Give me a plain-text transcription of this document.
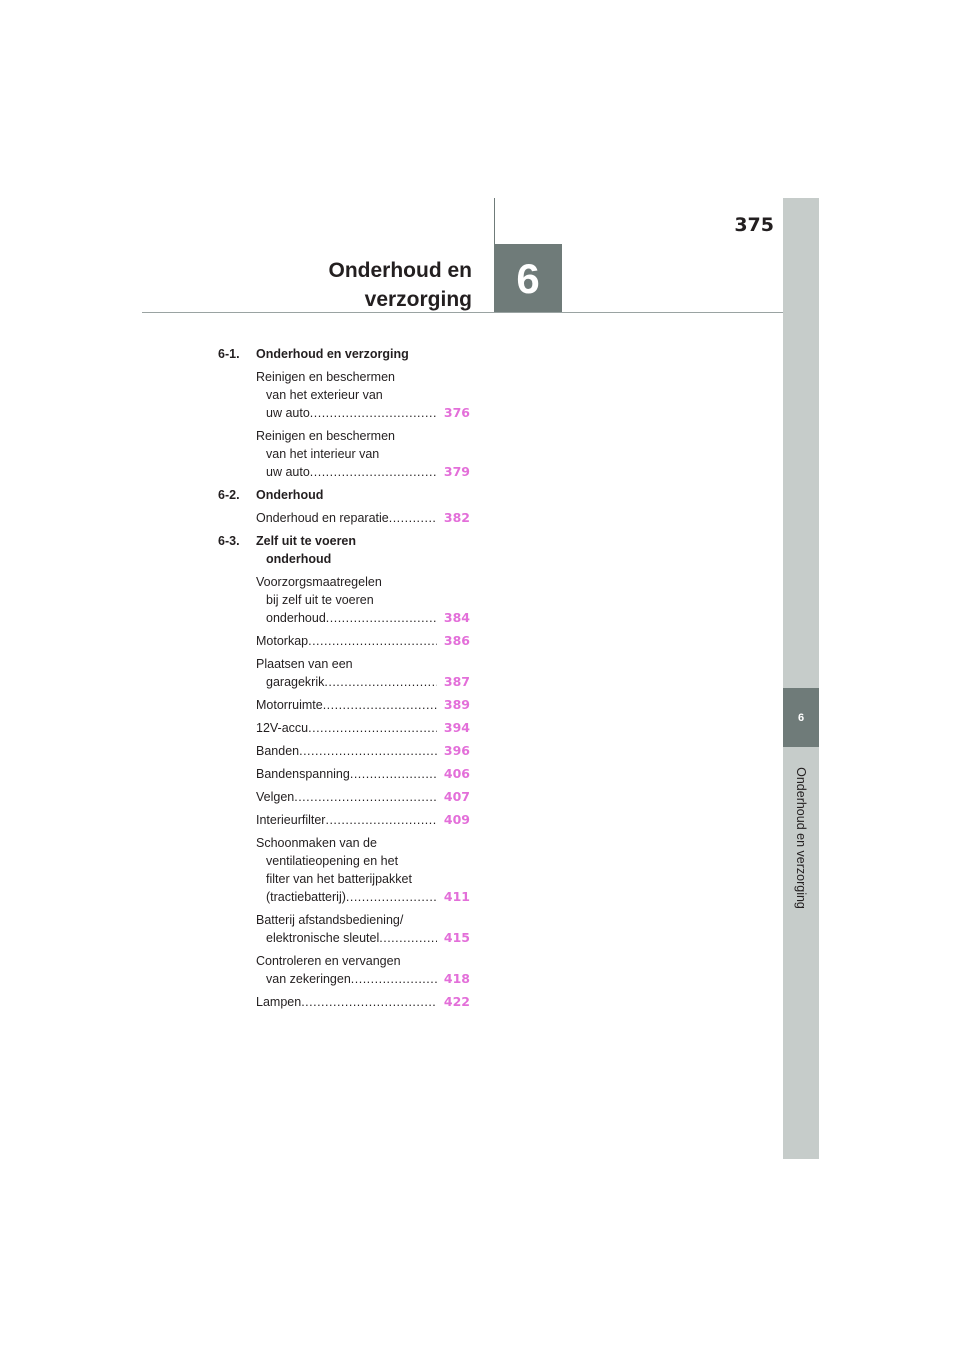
375
Onderhoud en
verzorging	6
6
Onderhoud en verzorging
6-1.	Onderhoud en verzorging
Reinigen en beschermen
van het exterieur van
uw auto .....	376
Reinigen en beschermen
van het interieur van
uw auto .....	379
6-2.	Onderhoud
Onderhoud en reparatie .....	382
6-3.	Zelf uit te voeren
onderhoud
Voorzorgsmaatregelen
bij zelf uit te voeren
onderhoud .....	384
Motorkap .....	386
Plaatsen van een
garagekrik .....	387
Motorruimte .....	389
12V-accu .....	394
Banden .....	396
Bandenspanning .....	406
Velgen .....	407
Interieurfilter .....	409
Schoonmaken van de
ventilatieopening en het
filter van het batterijpakket
(tractiebatterij) .....	411
Batterij afstandsbediening/
elektronische sleutel .....	415
Controleren en vervangen
van zekeringen .....	418
Lampen .....	422
